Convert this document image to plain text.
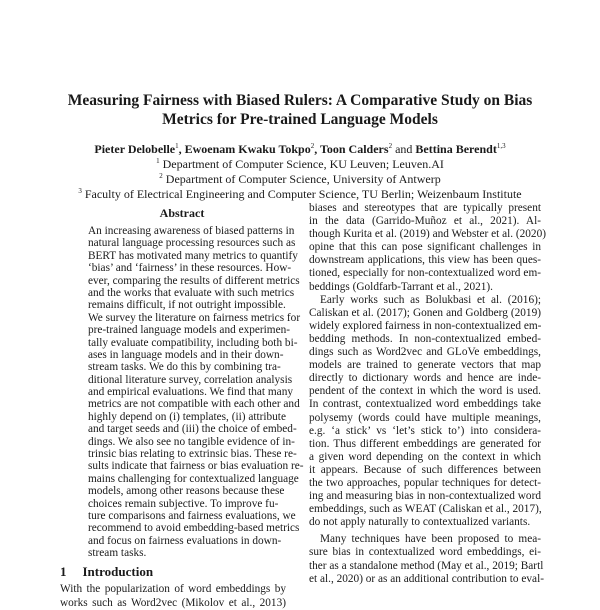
Measuring Fairness with Biased Rulers: A Comparative Study on Bias
Metrics for Pre-trained Language Models
Pieter Delobelle$^1$, Ewoenam Kwaku Tokpo$^2$, Toon Calders$^2$ and Bettina Berendt$^{1,3}$
$^1$ Department of Computer Science, KU Leuven; Leuven.AI
$^2$ Department of Computer Science, University of Antwerp
$^3$ Faculty of Electrical Engineering and Computer Science, TU Berlin; Weizenbaum Institute
Abstract
An increasing awareness of biased patterns in
natural language processing resources such as
BERT has motivated many metrics to quantify
‘bias’ and ‘fairness’ in these resources. How-
ever, comparing the results of different metrics
and the works that evaluate with such metrics
remains difficult, if not outright impossible.
We survey the literature on fairness metrics for
pre-trained language models and experimen-
tally evaluate compatibility, including both bi-
ases in language models and in their down-
stream tasks. We do this by combining tra-
ditional literature survey, correlation analysis
and empirical evaluations. We find that many
metrics are not compatible with each other and
highly depend on (i) templates, (ii) attribute
and target seeds and (iii) the choice of embed-
dings. We also see no tangible evidence of in-
trinsic bias relating to extrinsic bias. These re-
sults indicate that fairness or bias evaluation re-
mains challenging for contextualized language
models, among other reasons because these
choices remain subjective. To improve fu-
ture comparisons and fairness evaluations, we
recommend to avoid embedding-based metrics
and focus on fairness evaluations in down-
stream tasks.
1 Introduction
With the popularization of word embeddings by
works such as Word2vec (Mikolov et al., 2013)
biases and stereotypes that are typically present
in the data (Garrido-Muñoz et al., 2021). Al-
though Kurita et al. (2019) and Webster et al. (2020)
opine that this can pose significant challenges in
downstream applications, this view has been ques-
tioned, especially for non-contextualized word em-
beddings (Goldfarb-Tarrant et al., 2021).
Early works such as Bolukbasi et al. (2016);
Caliskan et al. (2017); Gonen and Goldberg (2019)
widely explored fairness in non-contextualized em-
bedding methods. In non-contextualized embed-
dings such as Word2vec and GLoVe embeddings,
models are trained to generate vectors that map
directly to dictionary words and hence are inde-
pendent of the context in which the word is used.
In contrast, contextualized word embeddings take
polysemy (words could have multiple meanings,
e.g. ‘a stick’ vs ‘let’s stick to’) into considera-
tion. Thus different embeddings are generated for
a given word depending on the context in which
it appears. Because of such differences between
the two approaches, popular techniques for detect-
ing and measuring bias in non-contextualized word
embeddings, such as WEAT (Caliskan et al., 2017),
do not apply naturally to contextualized variants.
Many techniques have been proposed to mea-
sure bias in contextualized word embeddings, ei-
ther as a standalone method (May et al., 2019; Bartl
et al., 2020) or as an additional contribution to eval-
